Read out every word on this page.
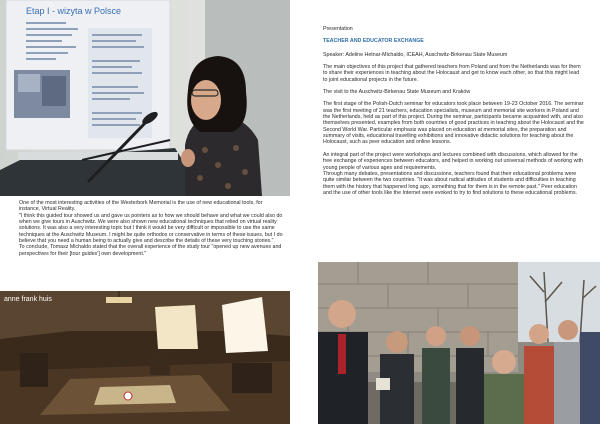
Etap I - wizyta w Polsce

One of the most interesting activities of the Westerbork Memorial is the use of new educational tools, for instance, Virtual Reality.

"I think this guided tour showed us and gave us pointers as to how we should behave and what we could also do when we give tours in Auschwitz. We were also shown new educational techniques that relied on virtual reality solutions. It was also a very interesting topic but I think it would be very difficult or impossible to use the same techniques at the Auschwitz Museum. I might be quite orthodox or conservative in terms of these issues, but I do believe that you need a human being to actually give and describe the details of these very touching stories."

To conclude, Tomasz Michaldo stated that the overall experience of the study tour "opened up new avenues and perspectives for their [tour guides'] own development."

anne frank huis

Presentation

TEACHER AND EDUCATOR EXCHANGE

Speaker: Adeline Hetnar-Michaldo, ICEAH, Auschwitz-Birkenau State Museum

The main objectives of this project that gathered teachers from Poland and from the Netherlands was for them to share their experiences in teaching about the Holocaust and get to know each other, so that this might lead to joint educational projects in the future.

The visit to the Auschwitz-Birkenau State Museum and Kraków

The first stage of the Polish-Dutch seminar for educators took place between 19-23 October 2016. The seminar was the first meeting of 21 teachers, education specialists, museum and memorial site workers in Poland and the Netherlands, held as part of this project. During the seminar, participants became acquainted with, and also themselves presented, examples from both countries of good practices in teaching about the Holocaust and the Second World War. Particular emphasis was placed on education at memorial sites, the preparation and summary of visits, educational travelling exhibitions and innovative didactic solutions for teaching about the Holocaust, such as peer education and online lessons.

An integral part of the project were workshops and lectures combined with discussions, which allowed for the free exchange of experiences between educators, and helped in working out universal methods of working with young people of various ages and requirements.

Through many debates, presentations and discussions, teachers found that their educational problems were quite similar between the two countries. "It was about radical attitudes of students and difficulties in teaching them with the history that happened long ago, something that for them is in the remote past." Peer education and the use of other tools like the Internet were evoked to try to find solutions to these educational problems.
